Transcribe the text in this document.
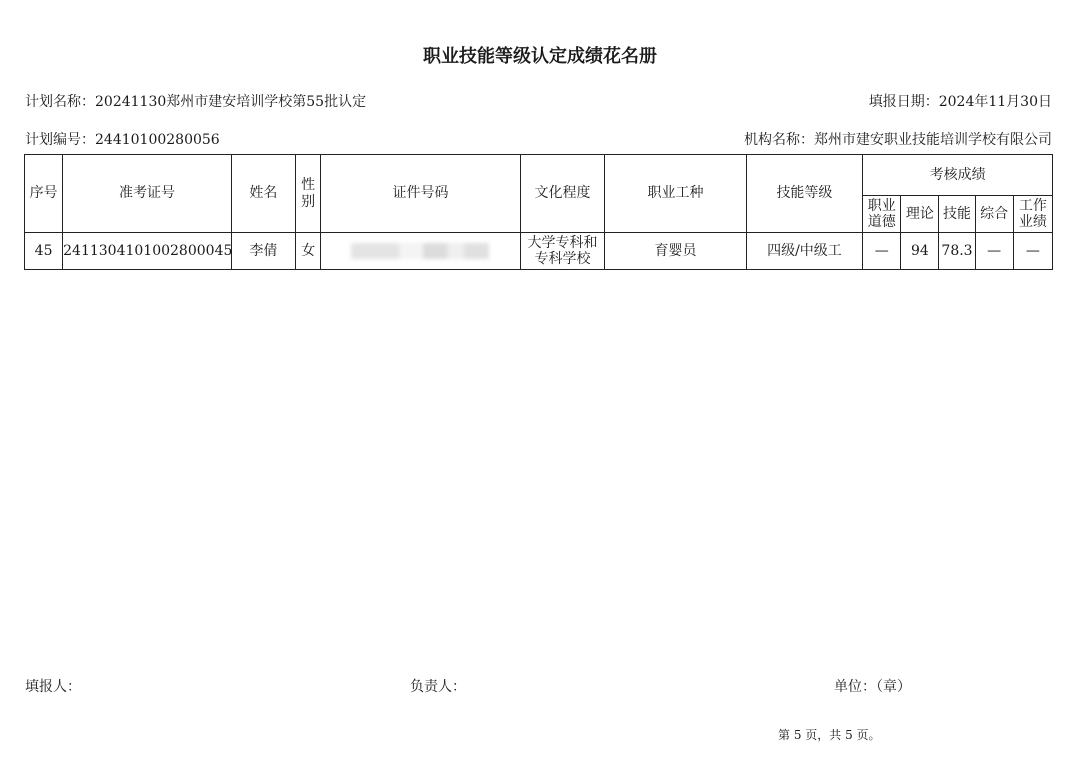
职业技能等级认定成绩花名册
计划名称：20241130郑州市建安培训学校第55批认定	填报日期：2024年11月30日
计划编号：24410100280056	机构名称：郑州市建安职业技能培训学校有限公司
序号	准考证号	姓名	性别	证件号码	文化程度	职业工种	技能等级	考核成绩				
								职业道德	理论	技能	综合	工作业绩
45	2411304101002800045	李倩	女		大学专科和专科学校	育婴员	四级/中级工	—	94	78.3	—	—
填报人：	负责人：	单位：（章）
第 5 页，共 5 页。
